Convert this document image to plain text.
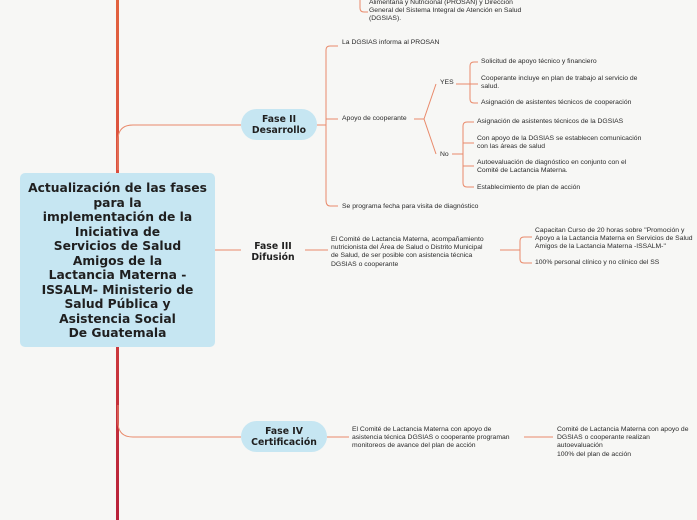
Actualización de las fases
para la
implementación de la
Iniciativa de
Servicios de Salud
Amigos de la
Lactancia Materna -
ISSALM- Ministerio de
Salud Pública y
Asistencia Social
De Guatemala
Alimentaria y Nutricional (PROSAN) y Dirección
General del Sistema Integral de Atención en Salud
(DGSIAS).
Fase II
Desarrollo
La DGSIAS informa al PROSAN
Apoyo de cooperante
YES
Solicitud de apoyo técnico y financiero
Cooperante incluye en plan de trabajo al servicio de
salud.
Asignación de asistentes técnicos de cooperación
No
Asignación de asistentes técnicos de la DGSIAS
Con apoyo de la DGSIAS se establecen comunicación
con las áreas de salud
Autoevaluación de diagnóstico en conjunto con el
Comité de Lactancia Materna.
Establecimiento de plan de acción
Se programa fecha para visita de diagnóstico
Fase III
Difusión
El Comité de Lactancia Materna, acompañamiento
nutricionista del Área de Salud o Distrito Municipal
de Salud, de ser posible con asistencia técnica
DGSIAS o cooperante
Capacitan Curso de 20 horas sobre "Promoción y
Apoyo a la Lactancia Materna en Servicios de Salud
Amigos de la Lactancia Materna -ISSALM-"
100% personal clínico y no clínico del SS
Fase IV
Certificación
El Comité de Lactancia Materna con apoyo de
asistencia técnica DGSIAS o cooperante programan
monitoreos de avance del plan de acción
Comité de Lactancia Materna con apoyo de
DGSIAS o cooperante realizan autoevaluación
100% del plan de acción
